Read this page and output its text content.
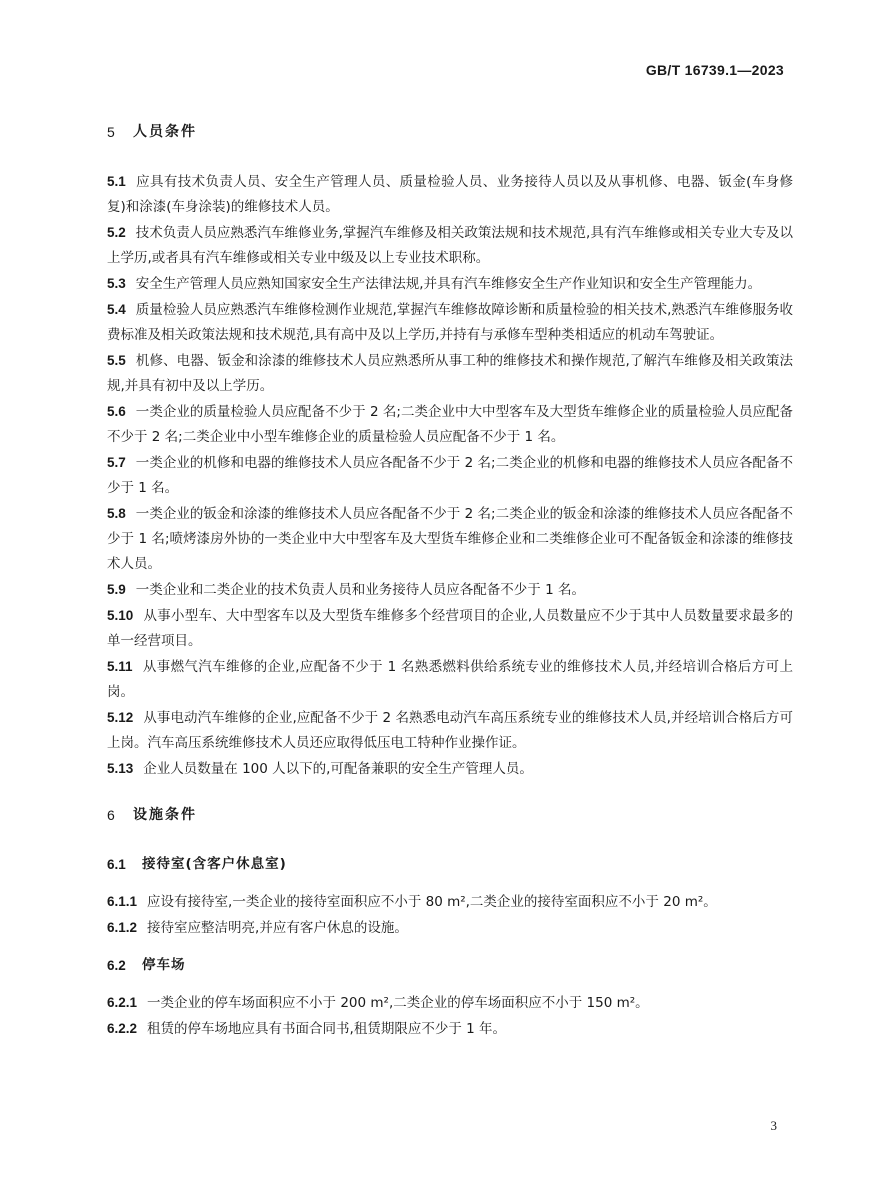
GB/T 16739.1—2023
5	人员条件
5.1 应具有技术负责人员、安全生产管理人员、质量检验人员、业务接待人员以及从事机修、电器、钣金(车身修复)和涂漆(车身涂装)的维修技术人员。
5.2 技术负责人员应熟悉汽车维修业务,掌握汽车维修及相关政策法规和技术规范,具有汽车维修或相关专业大专及以上学历,或者具有汽车维修或相关专业中级及以上专业技术职称。
5.3 安全生产管理人员应熟知国家安全生产法律法规,并具有汽车维修安全生产作业知识和安全生产管理能力。
5.4 质量检验人员应熟悉汽车维修检测作业规范,掌握汽车维修故障诊断和质量检验的相关技术,熟悉汽车维修服务收费标准及相关政策法规和技术规范,具有高中及以上学历,并持有与承修车型种类相适应的机动车驾驶证。
5.5 机修、电器、钣金和涂漆的维修技术人员应熟悉所从事工种的维修技术和操作规范,了解汽车维修及相关政策法规,并具有初中及以上学历。
5.6 一类企业的质量检验人员应配备不少于 2 名;二类企业中大中型客车及大型货车维修企业的质量检验人员应配备不少于 2 名;二类企业中小型车维修企业的质量检验人员应配备不少于 1 名。
5.7 一类企业的机修和电器的维修技术人员应各配备不少于 2 名;二类企业的机修和电器的维修技术人员应各配备不少于 1 名。
5.8 一类企业的钣金和涂漆的维修技术人员应各配备不少于 2 名;二类企业的钣金和涂漆的维修技术人员应各配备不少于 1 名;喷烤漆房外协的一类企业中大中型客车及大型货车维修企业和二类维修企业可不配备钣金和涂漆的维修技术人员。
5.9 一类企业和二类企业的技术负责人员和业务接待人员应各配备不少于 1 名。
5.10 从事小型车、大中型客车以及大型货车维修多个经营项目的企业,人员数量应不少于其中人员数量要求最多的单一经营项目。
5.11 从事燃气汽车维修的企业,应配备不少于 1 名熟悉燃料供给系统专业的维修技术人员,并经培训合格后方可上岗。
5.12 从事电动汽车维修的企业,应配备不少于 2 名熟悉电动汽车高压系统专业的维修技术人员,并经培训合格后方可上岗。汽车高压系统维修技术人员还应取得低压电工特种作业操作证。
5.13 企业人员数量在 100 人以下的,可配备兼职的安全生产管理人员。
6	设施条件
6.1	接待室(含客户休息室)
6.1.1 应设有接待室,一类企业的接待室面积应不小于 80 m²,二类企业的接待室面积应不小于 20 m²。
6.1.2 接待室应整洁明亮,并应有客户休息的设施。
6.2	停车场
6.2.1 一类企业的停车场面积应不小于 200 m²,二类企业的停车场面积应不小于 150 m²。
6.2.2 租赁的停车场地应具有书面合同书,租赁期限应不少于 1 年。
3
